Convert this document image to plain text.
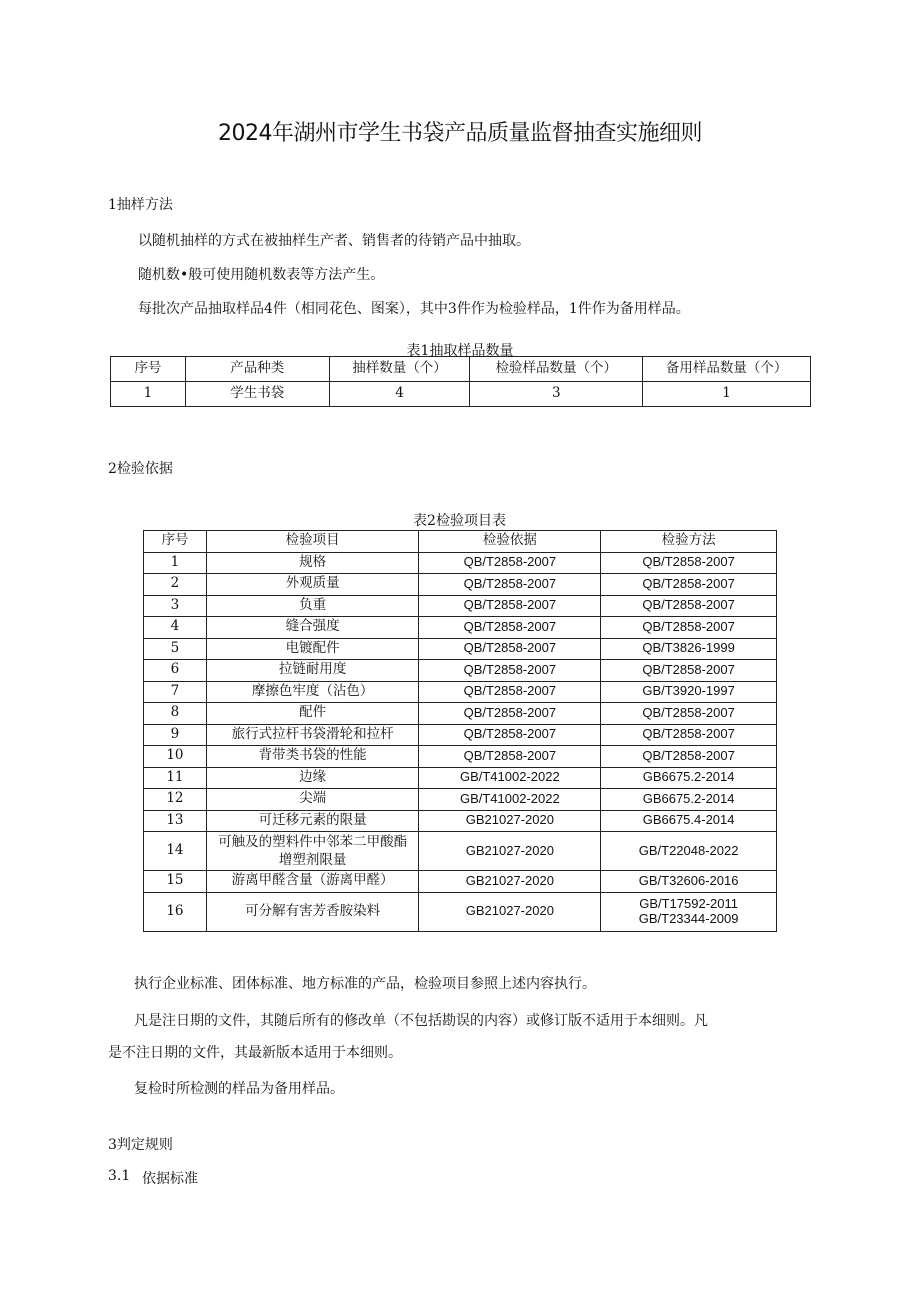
2024年湖州市学生书袋产品质量监督抽查实施细则
1抽样方法
以随机抽样的方式在被抽样生产者、销售者的待销产品中抽取。
随机数•般可使用随机数表等方法产生。
每批次产品抽取样品4件（相同花色、图案），其中3件作为检验样品，1件作为备用样品。
表1抽取样品数量
序号	产品种类	抽样数量（个）	检验样品数量（个）	备用样品数量（个）
1	学生书袋	4	3	1
2检验依据
表2检验项目表
序号	检验项目	检验依据	检验方法
1	规格	QB/T2858-2007	QB/T2858-2007
2	外观质量	QB/T2858-2007	QB/T2858-2007
3	负重	QB/T2858-2007	QB/T2858-2007
4	缝合强度	QB/T2858-2007	QB/T2858-2007
5	电镀配件	QB/T2858-2007	QB/T3826-1999
6	拉链耐用度	QB/T2858-2007	QB/T2858-2007
7	摩擦色牢度（沾色）	QB/T2858-2007	GB/T3920-1997
8	配件	QB/T2858-2007	QB/T2858-2007
9	旅行式拉杆书袋滑轮和拉杆	QB/T2858-2007	QB/T2858-2007
10	背带类书袋的性能	QB/T2858-2007	QB/T2858-2007
11	边缘	GB/T41002-2022	GB6675.2-2014
12	尖端	GB/T41002-2022	GB6675.2-2014
13	可迁移元素的限量	GB21027-2020	GB6675.4-2014
14	可触及的塑料件中邻苯二甲酸酯增塑剂限量	GB21027-2020	GB/T22048-2022
15	游离甲醛含量（游离甲醛）	GB21027-2020	GB/T32606-2016
16	可分解有害芳香胺染料	GB21027-2020	GB/T17592-2011
GB/T23344-2009
执行企业标准、团体标准、地方标准的产品，检验项目参照上述内容执行。
凡是注日期的文件，其随后所有的修改单（不包括勘误的内容）或修订版不适用于本细则。凡
是不注日期的文件，其最新版本适用于本细则。
复检时所检测的样品为备用样品。
3判定规则
3.1 依据标准
